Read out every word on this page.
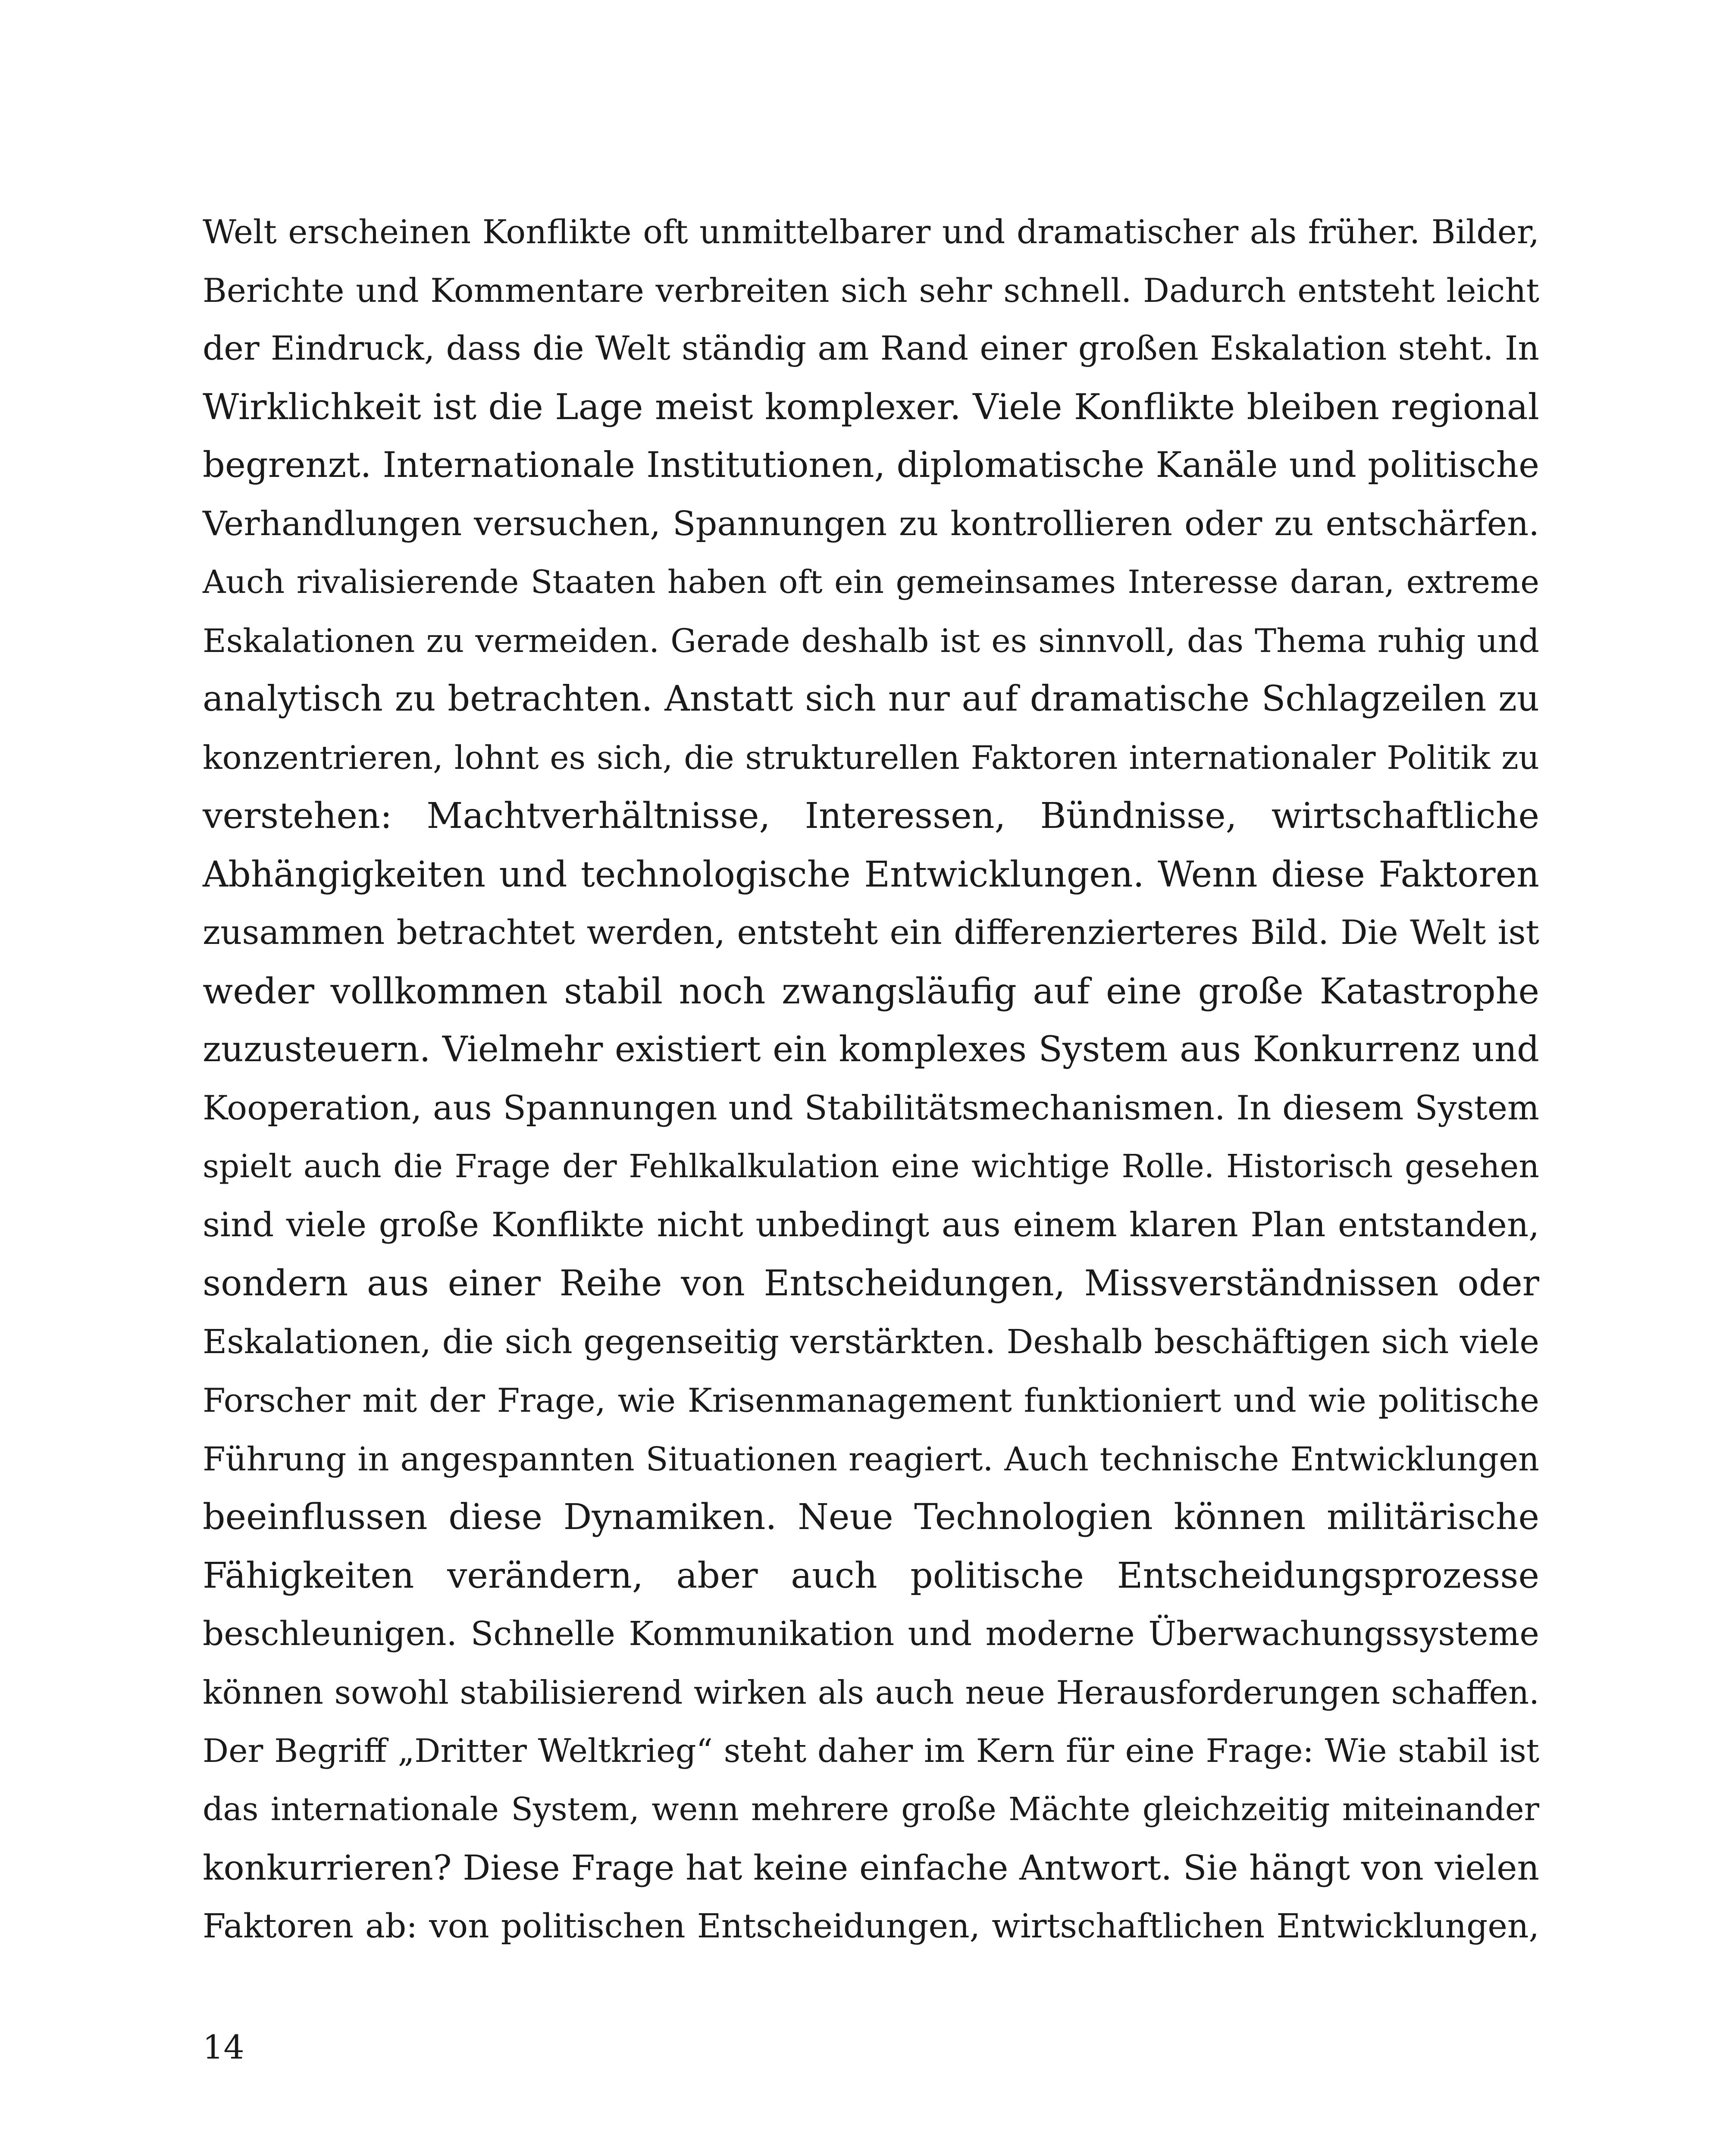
Welt erscheinen Konflikte oft unmittelbarer und dramatischer als früher. Bilder,
Berichte und Kommentare verbreiten sich sehr schnell. Dadurch entsteht leicht
der Eindruck, dass die Welt ständig am Rand einer großen Eskalation steht. In
Wirklichkeit ist die Lage meist komplexer. Viele Konflikte bleiben regional
begrenzt. Internationale Institutionen, diplomatische Kanäle und politische
Verhandlungen versuchen, Spannungen zu kontrollieren oder zu entschärfen.
Auch rivalisierende Staaten haben oft ein gemeinsames Interesse daran, extreme
Eskalationen zu vermeiden. Gerade deshalb ist es sinnvoll, das Thema ruhig und
analytisch zu betrachten. Anstatt sich nur auf dramatische Schlagzeilen zu
konzentrieren, lohnt es sich, die strukturellen Faktoren internationaler Politik zu
verstehen: Machtverhältnisse, Interessen, Bündnisse, wirtschaftliche
Abhängigkeiten und technologische Entwicklungen. Wenn diese Faktoren
zusammen betrachtet werden, entsteht ein differenzierteres Bild. Die Welt ist
weder vollkommen stabil noch zwangsläufig auf eine große Katastrophe
zuzusteuern. Vielmehr existiert ein komplexes System aus Konkurrenz und
Kooperation, aus Spannungen und Stabilitätsmechanismen. In diesem System
spielt auch die Frage der Fehlkalkulation eine wichtige Rolle. Historisch gesehen
sind viele große Konflikte nicht unbedingt aus einem klaren Plan entstanden,
sondern aus einer Reihe von Entscheidungen, Missverständnissen oder
Eskalationen, die sich gegenseitig verstärkten. Deshalb beschäftigen sich viele
Forscher mit der Frage, wie Krisenmanagement funktioniert und wie politische
Führung in angespannten Situationen reagiert. Auch technische Entwicklungen
beeinflussen diese Dynamiken. Neue Technologien können militärische
Fähigkeiten verändern, aber auch politische Entscheidungsprozesse
beschleunigen. Schnelle Kommunikation und moderne Überwachungssysteme
können sowohl stabilisierend wirken als auch neue Herausforderungen schaffen.
Der Begriff „Dritter Weltkrieg“ steht daher im Kern für eine Frage: Wie stabil ist
das internationale System, wenn mehrere große Mächte gleichzeitig miteinander
konkurrieren? Diese Frage hat keine einfache Antwort. Sie hängt von vielen
Faktoren ab: von politischen Entscheidungen, wirtschaftlichen Entwicklungen,
14
